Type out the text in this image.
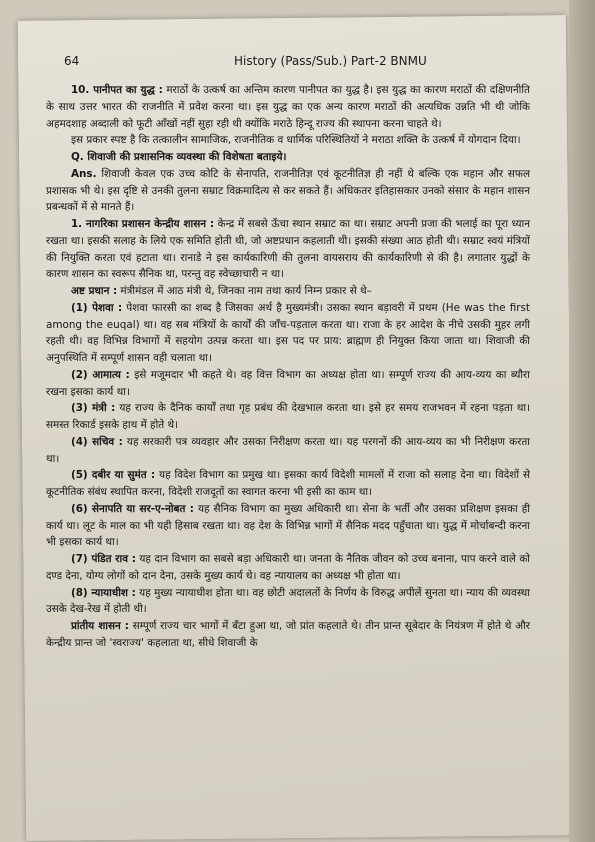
64	History (Pass/Sub.) Part-2 BNMU

10. पानीपत का युद्ध : मराठों के उत्कर्ष का अन्तिम कारण पानीपत का युद्ध है। इस युद्ध का कारण मराठों की दक्षिणनीति के साथ उत्तर भारत की राजनीति में प्रवेश करना था। इस युद्ध का एक अन्य कारण मराठों की अत्यधिक उन्नति भी थी जोकि अहमदशाह अब्दाली को फूटी आँखों नहीं सुहा रही थी क्योंकि मराठे हिन्दू राज्य की स्थापना करना चाहते थे।

इस प्रकार स्पष्ट है कि तत्कालीन सामाजिक, राजनीतिक व धार्मिक परिस्थितियों ने मराठा शक्ति के उत्कर्ष में योगदान दिया।

Q. शिवाजी की प्रशासनिक व्यवस्था की विशेषता बताइये।

Ans. शिवाजी केवल एक उच्च कोटि के सेनापति, राजनीतिज्ञ एवं कूटनीतिज्ञ ही नहीं थे बल्कि एक महान और सफल प्रशासक भी थे। इस दृष्टि से उनकी तुलना सम्राट विक्रमादित्य से कर सकते हैं। अधिकतर इतिहासकार उनको संसार के महान शासन प्रबन्धकों में से मानते हैं।

1. नागरिका प्रशासन केन्द्रीय शासन : केन्द्र में सबसे ऊँचा स्थान सम्राट का था। सम्राट अपनी प्रजा की भलाई का पूरा ध्यान रखता था। इसकी सलाह के लिये एक समिति होती थी, जो अष्टप्रधान कहलाती थी। इसकी संख्या आठ होती थी। सम्राट स्वयं मंत्रियों की नियुक्ति करता एवं हटाता था। रानाडे ने इस कार्यकारिणी की तुलना वायसराय की कार्यकारिणी से की है। लगातार युद्धों के कारण शासन का स्वरूप सैनिक था, परन्तु वह स्वेच्छाचारी न था।

अष्ट प्रधान : मंत्रीमंडल में आठ मंत्री थे, जिनका नाम तथा कार्य निम्न प्रकार से थे–

(1) पेशवा : पेशवा फारसी का शब्द है जिसका अर्थ है मुख्यमंत्री। उसका स्थान बड़ावरी में प्रथम (He was the first among the euqal) था। वह सब मंत्रियों के कार्यों की जाँच-पड़ताल करता था। राजा के हर आदेश के नीचे उसकी मुहर लगी रहती थी। वह विभिन्न विभागों में सहयोग उत्पन्न करता था। इस पद पर प्राय: ब्राह्मण ही नियुक्त किया जाता था। शिवाजी की अनुपस्थिति में सम्पूर्ण शासन वही चलाता था।

(2) आमात्य : इसे मजूमदार भी कहते थे। वह वित्त विभाग का अध्यक्ष होता था। सम्पूर्ण राज्य की आय-व्यय का ब्यौरा रखना इसका कार्य था।

(3) मंत्री : यह राज्य के दैनिक कार्यों तथा गृह प्रबंध की देखभाल करता था। इसे हर समय राजभवन में रहना पड़ता था। समस्त रिकार्ड इसके हाथ में होते थे।

(4) सचिव : यह सरकारी पत्र व्यवहार और उसका निरीक्षण करता था। यह परगनों की आय-व्यय का भी निरीक्षण करता था।

(5) दबीर या सुमंत : यह विदेश विभाग का प्रमुख था। इसका कार्य विदेशी मामलों में राजा को सलाह देना था। विदेशों से कूटनीतिक संबंध स्थापित करना, विदेशी राजदूतों का स्वागत करना भी इसी का काम था।

(6) सेनापति या सर-ए-नोबत : यह सैनिक विभाग का मुख्य अधिकारी था। सेना के भर्ती और उसका प्रशिक्षण इसका ही कार्य था। लूट के माल का भी यही हिसाब रखता था। वह देश के विभिन्न भागों में सैनिक मदद पहुँचाता था। युद्ध में मोर्चाबन्दी करना भी इसका कार्य था।

(7) पंडित राव : यह दान विभाग का सबसे बड़ा अधिकारी था। जनता के नैतिक जीवन को उच्च बनाना, पाप करने वाले को दण्ड देना, योग्य लोगों को दान देना, उसके मुख्य कार्य थे। वह न्यायालय का अध्यक्ष भी होता था।

(8) न्यायाधीश : यह मुख्य न्यायाधीश होता था। वह छोटी अदालतों के निर्णय के विरुद्ध अपीलें सुनता था। न्याय की व्यवस्था उसके देख-रेख में होती थी।

प्रांतीय शासन : सम्पूर्ण राज्य चार भागों में बँटा हुआ था, जो प्रांत कहलाते थे। तीन प्रान्त सूबेदार के नियंत्रण में होते थे और केन्द्रीय प्रान्त जो 'स्वराज्य' कहलाता था, सीधे शिवाजी के
